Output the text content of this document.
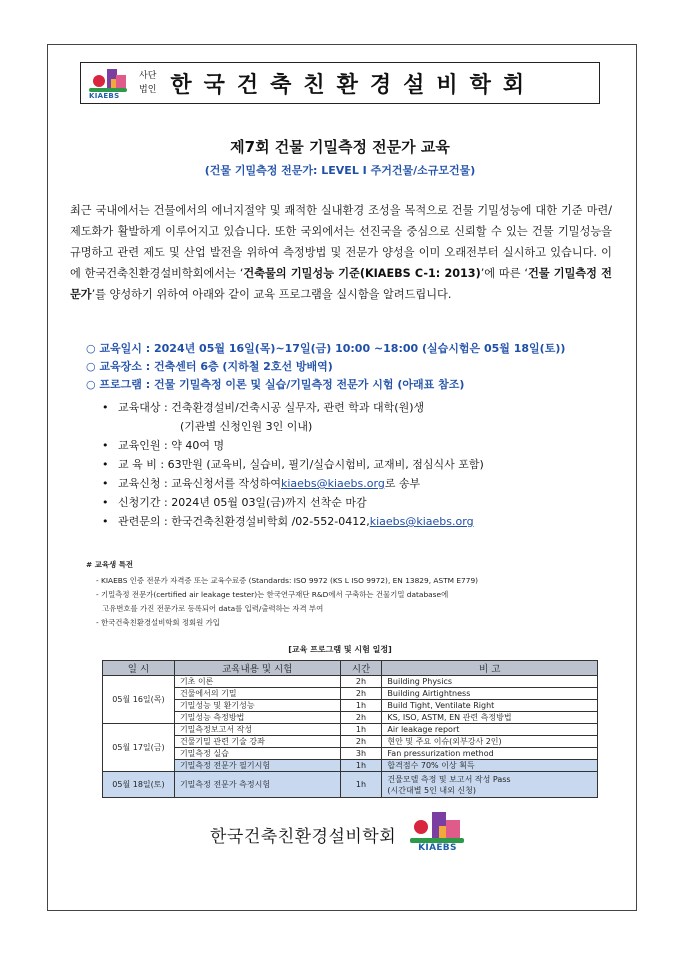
KIAEBS
사단
법인 한국건축친환경설비학회
제7회 건물 기밀측정 전문가 교육
(건물 기밀측정 전문가: LEVEL Ⅰ 주거건물/소규모건물)
최근 국내에서는 건물에서의 에너지절약 및 쾌적한 실내환경 조성을 목적으로 건물 기밀성능에 대한 기준 마련/제도화가 활발하게 이루어지고 있습니다. 또한 국외에서는 선진국을 중심으로 신뢰할 수 있는 건물 기밀성능을 규명하고 관련 제도 및 산업 발전을 위하여 측정방법 및 전문가 양성을 이미 오래전부터 실시하고 있습니다. 이에 한국건축친환경설비학회에서는 ‘건축물의 기밀성능 기준(KIAEBS C-1: 2013)’에 따른 ‘건물 기밀측정 전문가’를 양성하기 위하여 아래와 같이 교육 프로그램을 실시함을 알려드립니다.
○ 교육일시 : 2024년 05월 16일(목)~17일(금) 10:00 ~18:00 (실습시험은 05월 18일(토))
○ 교육장소 : 건축센터 6층 (지하철 2호선 방배역)
○ 프로그램 : 건물 기밀측정 이론 및 실습/기밀측정 전문가 시험 (아래표 참조)
• 교육대상 : 건축환경설비/건축시공 실무자, 관련 학과 대학(원)생
(기관별 신청인원 3인 이내)
• 교육인원 : 약 40여 명
• 교 육 비 : 63만원 (교육비, 실습비, 필기/실습시험비, 교재비, 점심식사 포함)
• 교육신청 : 교육신청서를 작성하여 kiaebs@kiaebs.org 로 송부
• 신청기간 : 2024년 05월 03일(금)까지 선착순 마감
• 관련문의 : 한국건축친환경설비학회 /02-552-0412, kiaebs@kiaebs.org
# 교육생 특전
- KIAEBS 인증 전문가 자격증 또는 교육수료증 (Standards: ISO 9972 (KS L ISO 9972), EN 13829, ASTM E779)
- 기밀측정 전문가(certified air leakage tester)는 한국연구재단 R&D에서 구축하는 건물기밀 database에
고유번호를 가진 전문가로 등록되어 data를 입력/출력하는 자격 부여
- 한국건축친환경설비학회 정회원 가입
[교육 프로그램 및 시험 일정]
일 시	교육내용 및 시험	시간	비 고
05월 16일(목)	기초 이론	2h	Building Physics
	건물에서의 기밀	2h	Building Airtightness
	기밀성능 및 환기성능	1h	Build Tight, Ventilate Right
	기밀성능 측정방법	2h	KS, ISO, ASTM, EN 관련 측정방법
05월 17일(금)	기밀측정보고서 작성	1h	Air leakage report
	건물기밀 관련 기술 강좌	2h	현안 및 주요 이슈(외부강사 2인)
	기밀측정 실습	3h	Fan pressurization method
	기밀측정 전문가 필기시험	1h	합격점수 70% 이상 획득
05월 18일(토)	기밀측정 전문가 측정시험	1h	건물모델 측정 및 보고서 작성 Pass
(시간대별 5인 내외 신청)
한국건축친환경설비학회
KIAEBS
